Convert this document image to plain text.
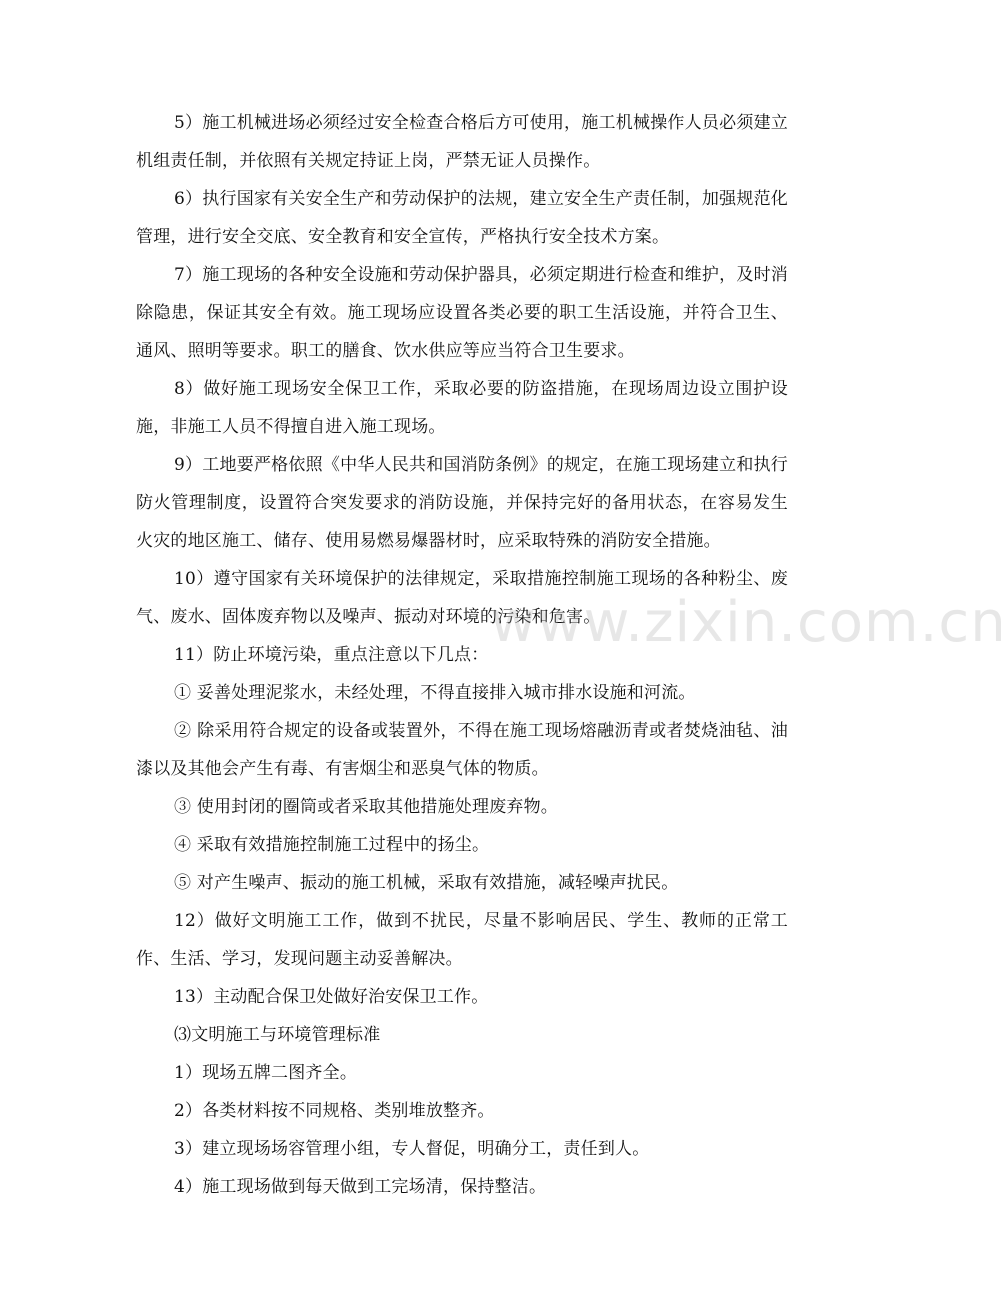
5）施工机械进场必须经过安全检查合格后方可使用，施工机械操作人员必须建立机组责任制，并依照有关规定持证上岗，严禁无证人员操作。

6）执行国家有关安全生产和劳动保护的法规，建立安全生产责任制，加强规范化管理，进行安全交底、安全教育和安全宣传，严格执行安全技术方案。

7）施工现场的各种安全设施和劳动保护器具，必须定期进行检查和维护，及时消除隐患，保证其安全有效。施工现场应设置各类必要的职工生活设施，并符合卫生、通风、照明等要求。职工的膳食、饮水供应等应当符合卫生要求。

8）做好施工现场安全保卫工作，采取必要的防盗措施，在现场周边设立围护设施，非施工人员不得擅自进入施工现场。

9）工地要严格依照《中华人民共和国消防条例》的规定，在施工现场建立和执行防火管理制度，设置符合突发要求的消防设施，并保持完好的备用状态，在容易发生火灾的地区施工、储存、使用易燃易爆器材时，应采取特殊的消防安全措施。

10）遵守国家有关环境保护的法律规定，采取措施控制施工现场的各种粉尘、废气、废水、固体废弃物以及噪声、振动对环境的污染和危害。

11）防止环境污染，重点注意以下几点：

① 妥善处理泥浆水，未经处理，不得直接排入城市排水设施和河流。

② 除采用符合规定的设备或装置外，不得在施工现场熔融沥青或者焚烧油毡、油漆以及其他会产生有毒、有害烟尘和恶臭气体的物质。

③ 使用封闭的圈筒或者采取其他措施处理废弃物。

④ 采取有效措施控制施工过程中的扬尘。

⑤ 对产生噪声、振动的施工机械，采取有效措施，减轻噪声扰民。

12）做好文明施工工作，做到不扰民，尽量不影响居民、学生、教师的正常工作、生活、学习，发现问题主动妥善解决。

13）主动配合保卫处做好治安保卫工作。

⑶文明施工与环境管理标准

1）现场五牌二图齐全。

2）各类材料按不同规格、类别堆放整齐。

3）建立现场场容管理小组，专人督促，明确分工，责任到人。

4）施工现场做到每天做到工完场清，保持整洁。

www.zixin.com.cn
